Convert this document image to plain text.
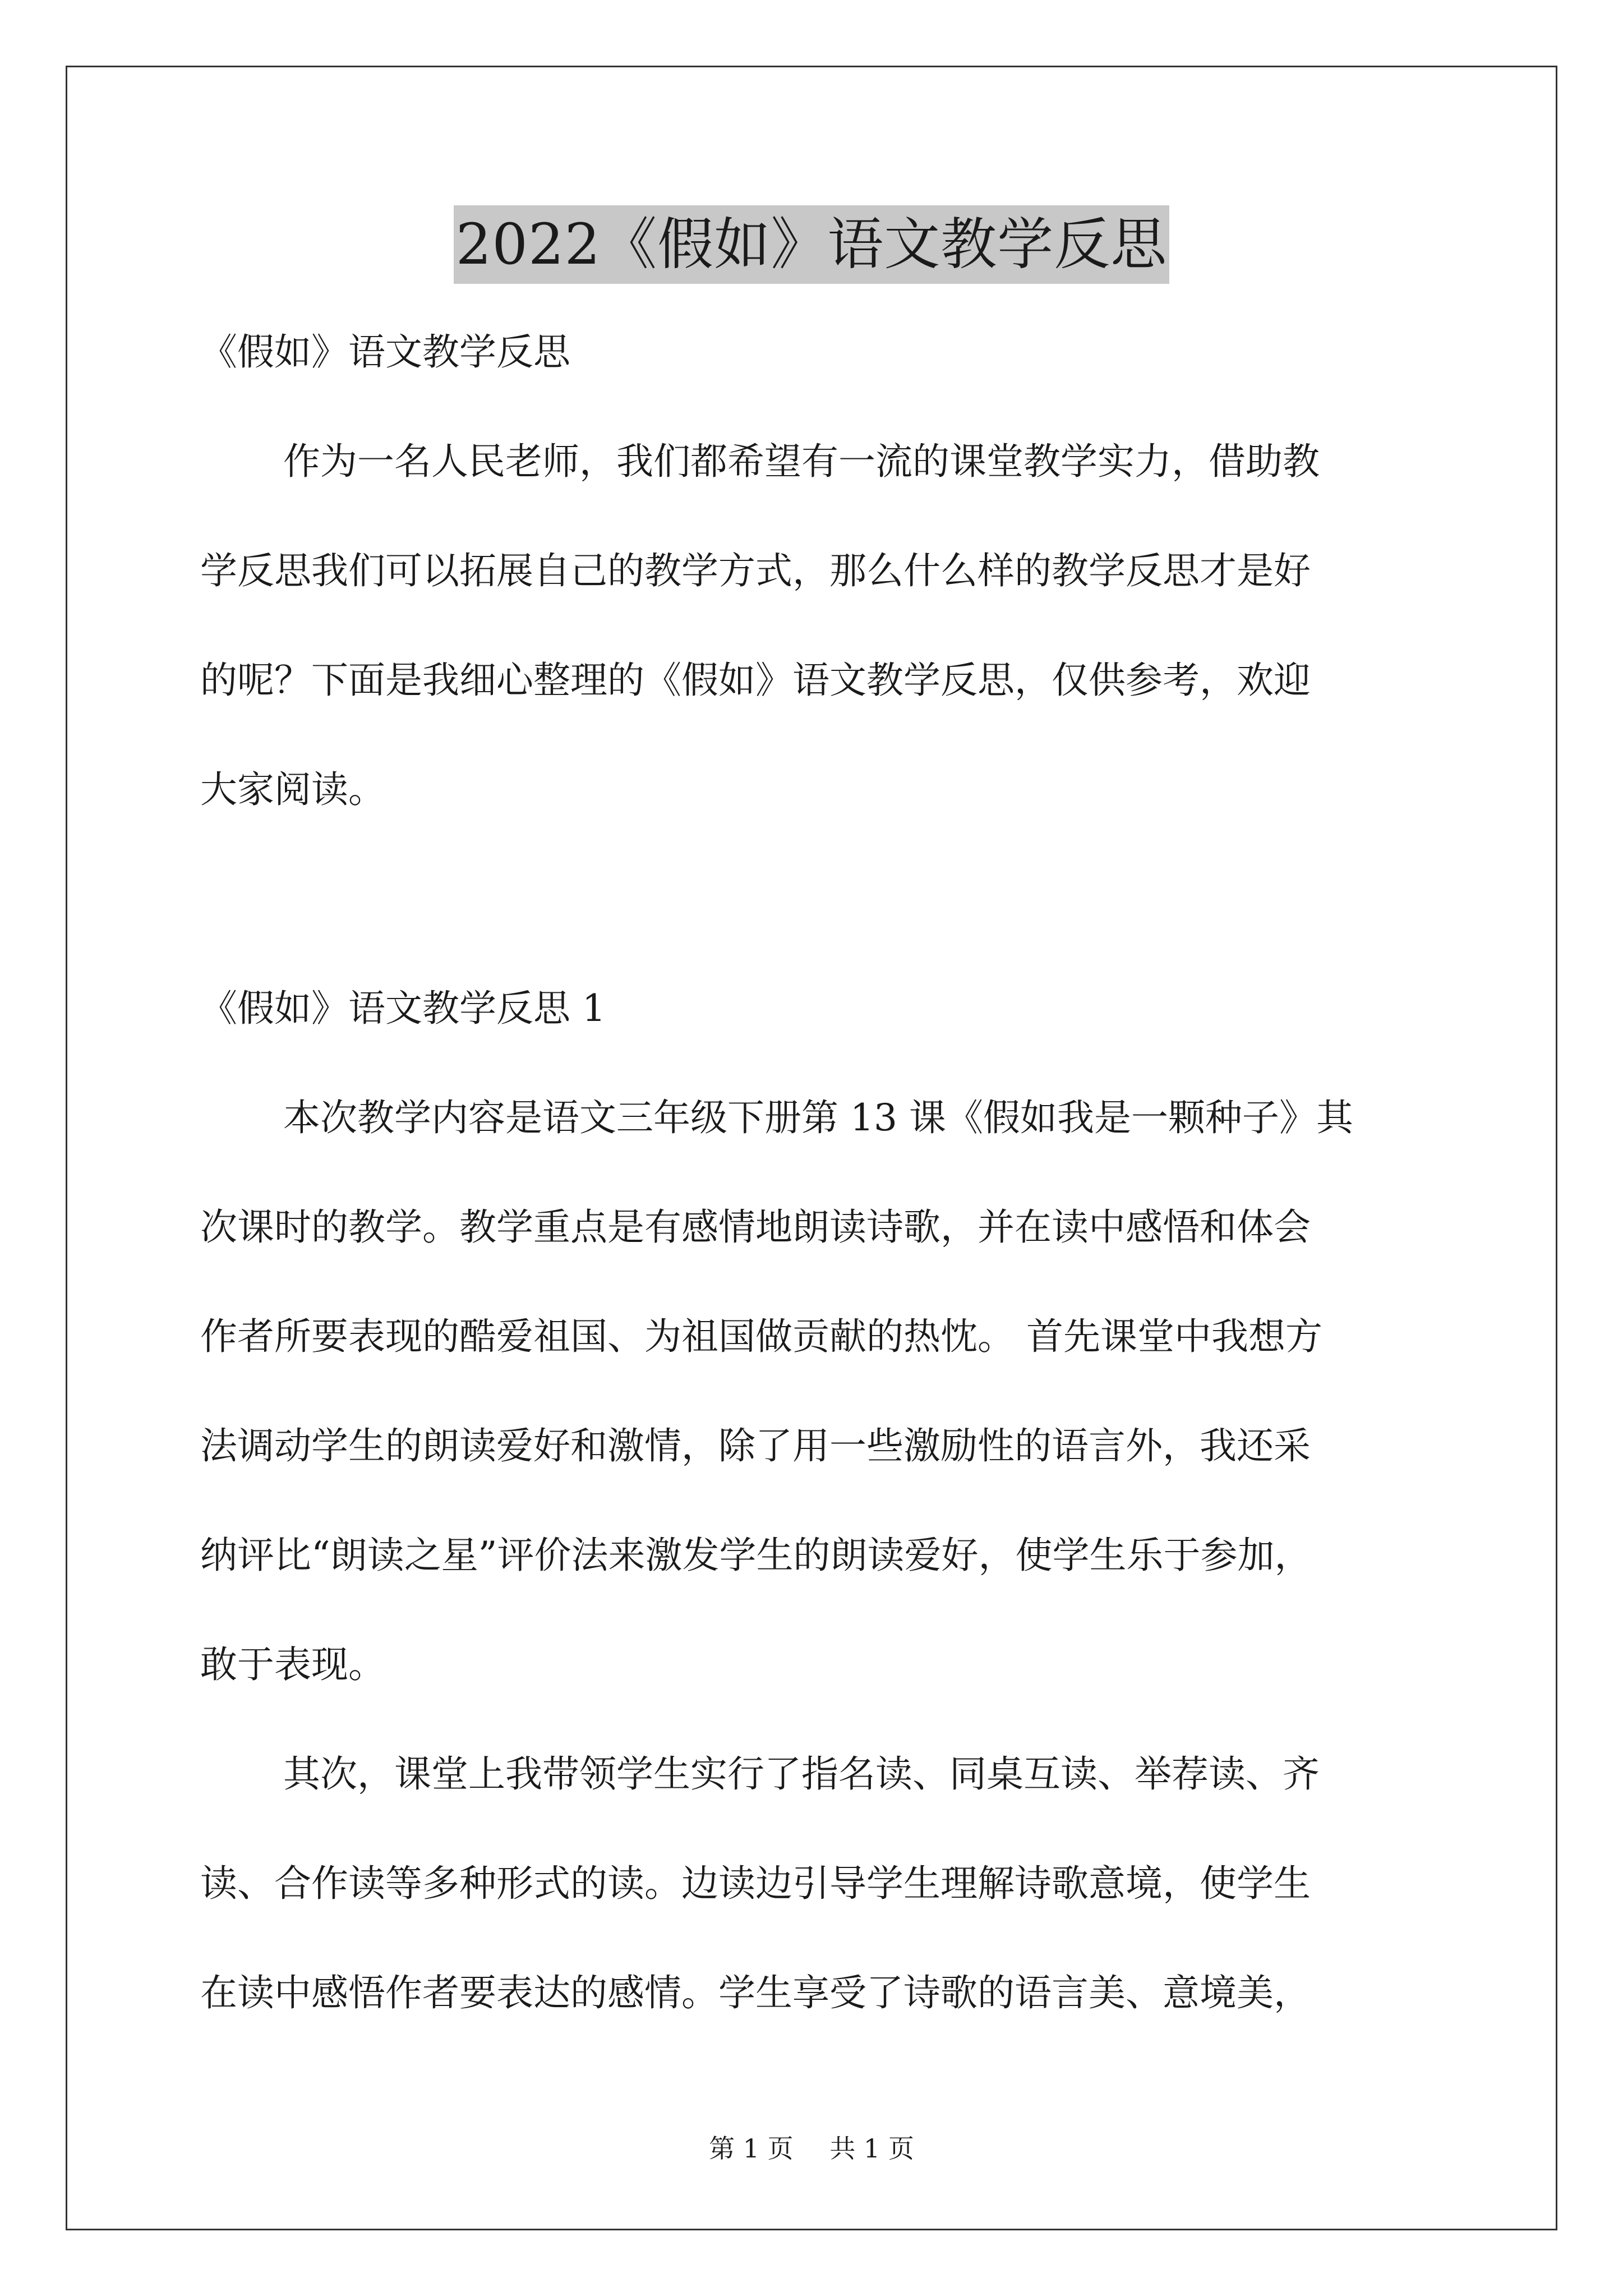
2022《假如》语文教学反思

《假如》语文教学反思

作为一名人民老师，我们都希望有一流的课堂教学实力，借助教

学反思我们可以拓展自己的教学方式，那么什么样的教学反思才是好

的呢？下面是我细心整理的《假如》语文教学反思，仅供参考，欢迎

大家阅读。

《假如》语文教学反思 1

本次教学内容是语文三年级下册第 13 课《假如我是一颗种子》其

次课时的教学。教学重点是有感情地朗读诗歌，并在读中感悟和体会

作者所要表现的酷爱祖国、为祖国做贡献的热忱。 首先课堂中我想方

法调动学生的朗读爱好和激情，除了用一些激励性的语言外，我还采

纳评比“朗读之星”评价法来激发学生的朗读爱好，使学生乐于参加，

敢于表现。

其次，课堂上我带领学生实行了指名读、同桌互读、举荐读、齐

读、合作读等多种形式的读。边读边引导学生理解诗歌意境，使学生

在读中感悟作者要表达的感情。学生享受了诗歌的语言美、意境美，

第 1 页 共 1 页
